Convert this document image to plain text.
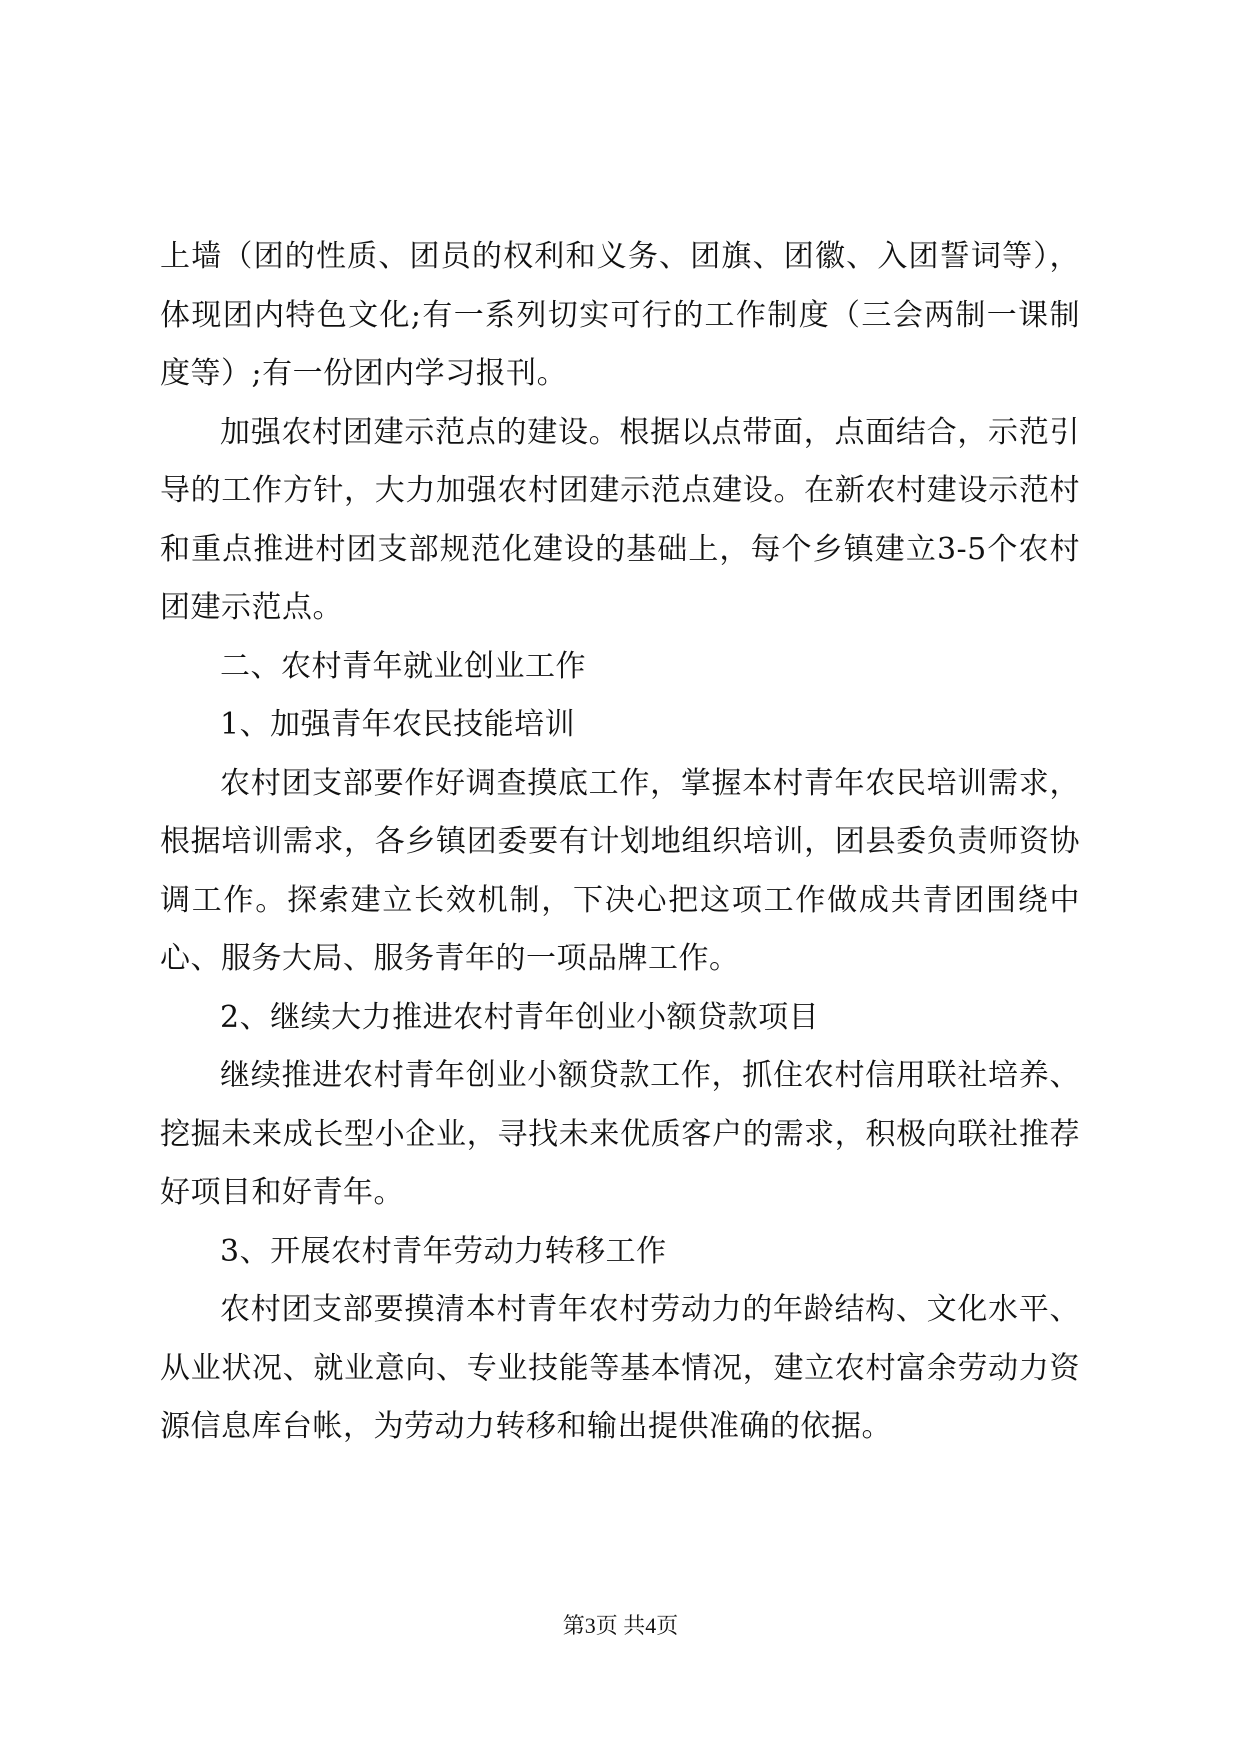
上墙（团的性质、团员的权利和义务、团旗、团徽、入团誓词等），体现团内特色文化;有一系列切实可行的工作制度（三会两制一课制度等）;有一份团内学习报刊。

加强农村团建示范点的建设。根据以点带面，点面结合，示范引导的工作方针，大力加强农村团建示范点建设。在新农村建设示范村和重点推进村团支部规范化建设的基础上，每个乡镇建立3-5个农村团建示范点。

二、农村青年就业创业工作

1、加强青年农民技能培训

农村团支部要作好调查摸底工作，掌握本村青年农民培训需求，根据培训需求，各乡镇团委要有计划地组织培训，团县委负责师资协调工作。探索建立长效机制，下决心把这项工作做成共青团围绕中心、服务大局、服务青年的一项品牌工作。

2、继续大力推进农村青年创业小额贷款项目

继续推进农村青年创业小额贷款工作，抓住农村信用联社培养、挖掘未来成长型小企业，寻找未来优质客户的需求，积极向联社推荐好项目和好青年。

3、开展农村青年劳动力转移工作

农村团支部要摸清本村青年农村劳动力的年龄结构、文化水平、从业状况、就业意向、专业技能等基本情况，建立农村富余劳动力资源信息库台帐，为劳动力转移和输出提供准确的依据。

第3页 共4页
